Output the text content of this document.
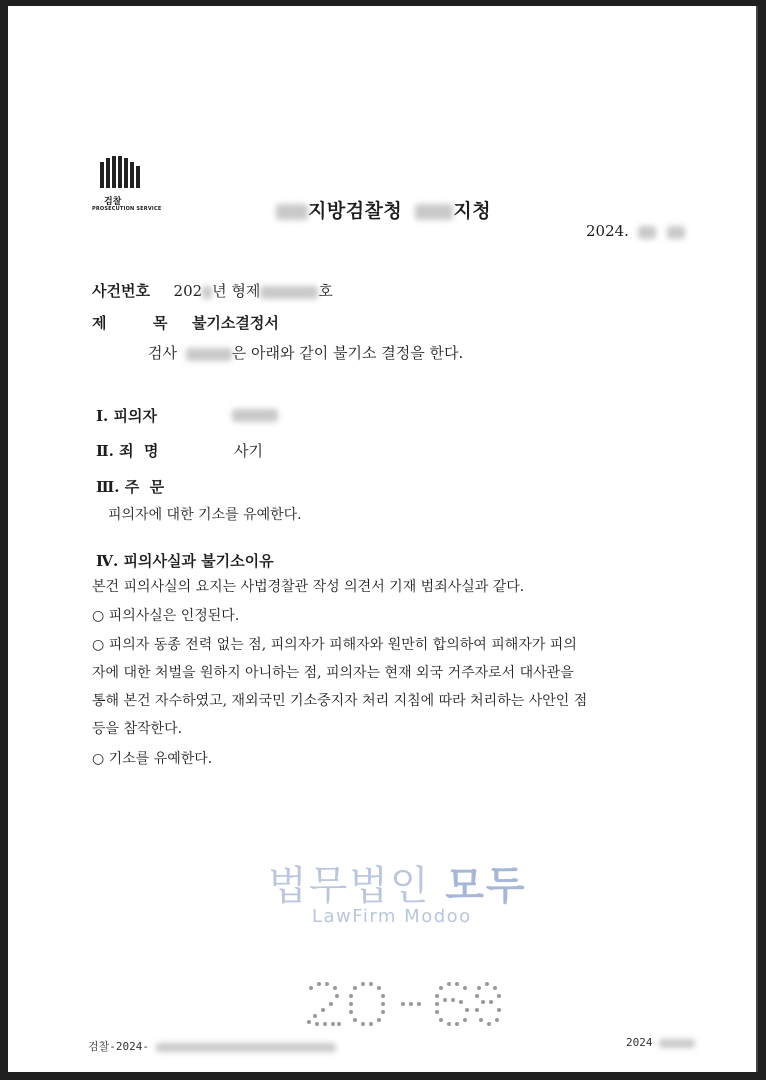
검찰
PROSECUTION SERVICE	지방검찰청	지청
2024.
사건번호 202 년 형제	호
제	목 불기소결정서
검사	은 아래와 같이 불기소 결정을 한다.
Ⅰ. 피의자
Ⅱ. 죄  명	사기
Ⅲ. 주  문
피의자에 대한 기소를 유예한다.
Ⅳ. 피의사실과 불기소이유
본건 피의사실의 요지는 사법경찰관 작성 의견서 기재 범죄사실과 같다.
○ 피의사실은 인정된다.
○ 피의자 동종 전력 없는 점, 피의자가 피해자와 원만히 합의하여 피해자가 피의
자에 대한 처벌을 원하지 아니하는 점, 피의자는 현재 외국 거주자로서 대사관을
통해 본건 자수하였고, 재외국민 기소중지자 처리 지침에 따라 처리하는 사안인 점
등을 참작한다.
○ 기소를 유예한다.
법무법인 모두
LawFirm Modoo
검찰-2024-	2024
